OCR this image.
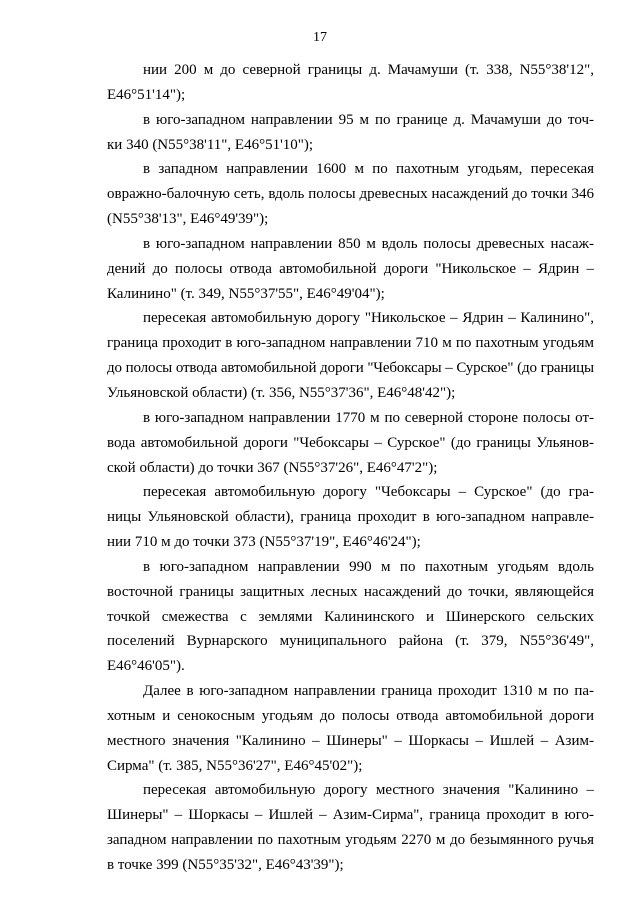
17
нии 200 м до северной границы д. Мачамуши (т. 338, N55°38'12",
E46°51'14");
в юго-западном направлении 95 м по границе д. Мачамуши до точ-
ки 340 (N55°38'11", E46°51'10");
в западном направлении 1600 м по пахотным угодьям, пересекая
овражно-балочную сеть, вдоль полосы древесных насаждений до точки 346
(N55°38'13", E46°49'39");
в юго-западном направлении 850 м вдоль полосы древесных насаж-
дений до полосы отвода автомобильной дороги "Никольское – Ядрин –
Калинино" (т. 349, N55°37'55", E46°49'04");
пересекая автомобильную дорогу "Никольское – Ядрин – Калинино",
граница проходит в юго-западном направлении 710 м по пахотным угодьям
до полосы отвода автомобильной дороги "Чебоксары – Сурское" (до границы
Ульяновской области) (т. 356, N55°37'36", E46°48'42");
в юго-западном направлении 1770 м по северной стороне полосы от-
вода автомобильной дороги "Чебоксары – Сурское" (до границы Ульянов-
ской области) до точки 367 (N55°37'26", E46°47'2");
пересекая автомобильную дорогу "Чебоксары – Сурское" (до гра-
ницы Ульяновской области), граница проходит в юго-западном направле-
нии 710 м до точки 373 (N55°37'19", E46°46'24");
в юго-западном направлении 990 м по пахотным угодьям вдоль
восточной границы защитных лесных насаждений до точки, являющейся
точкой смежества с землями Калининского и Шинерского сельских
поселений Вурнарского муниципального района (т. 379, N55°36'49",
E46°46'05").
Далее в юго-западном направлении граница проходит 1310 м по па-
хотным и сенокосным угодьям до полосы отвода автомобильной дороги
местного значения "Калинино – Шинеры" – Шоркасы – Ишлей – Азим-
Сирма" (т. 385, N55°36'27", E46°45'02");
пересекая автомобильную дорогу местного значения "Калинино –
Шинеры" – Шоркасы – Ишлей – Азим-Сирма", граница проходит в юго-
западном направлении по пахотным угодьям 2270 м до безымянного ручья
в точке 399 (N55°35'32", E46°43'39");
